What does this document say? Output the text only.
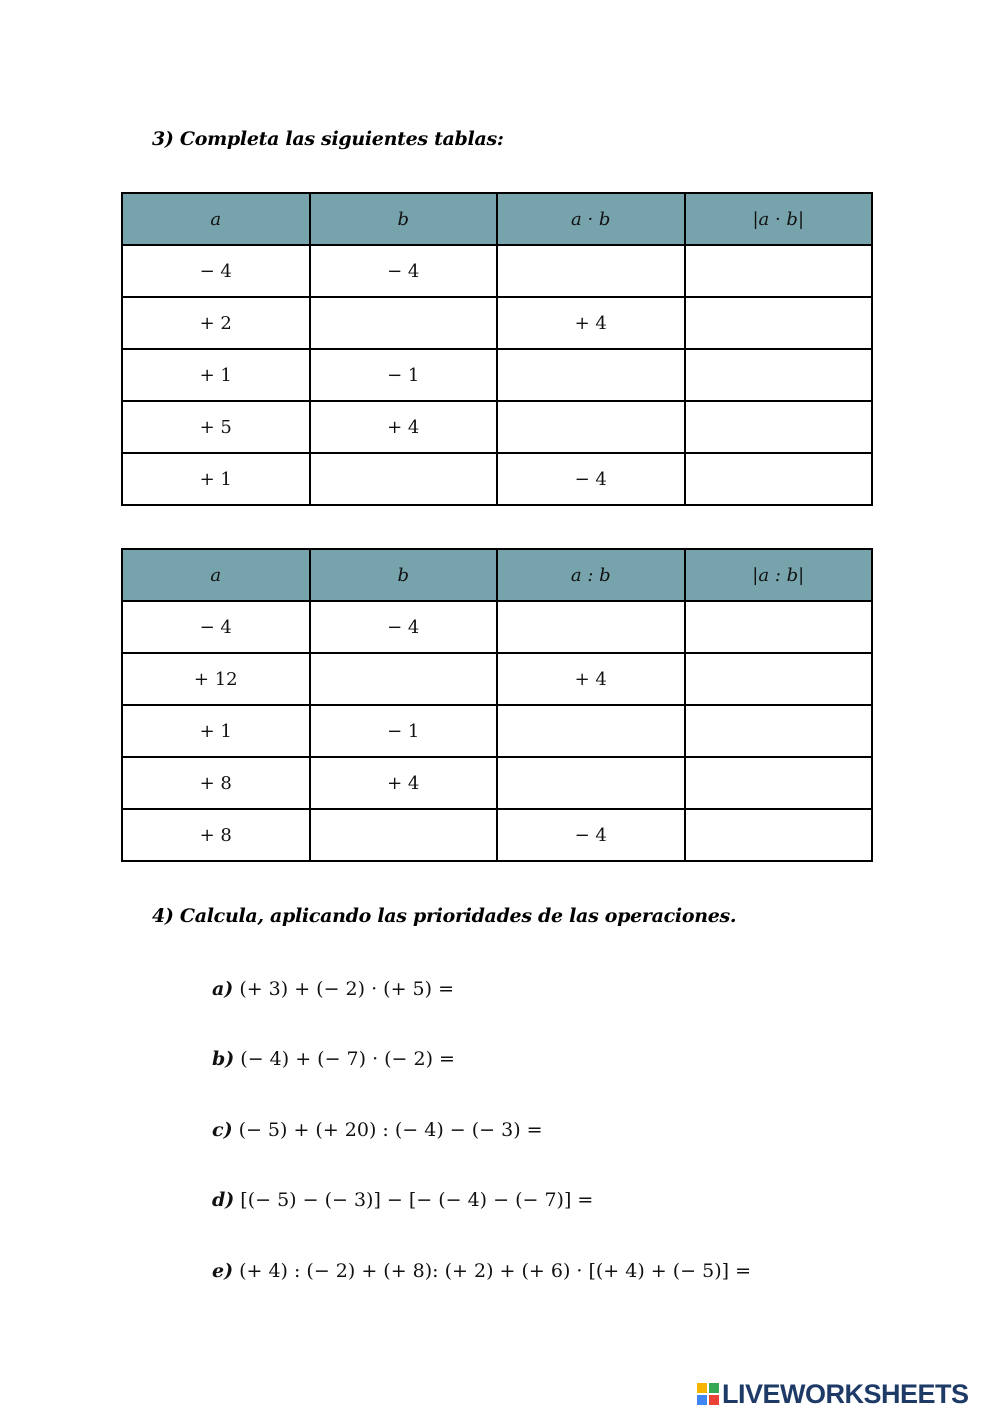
3) Completa las siguientes tablas:
a	b	a · b	|a · b|
− 4	− 4		
+ 2		+ 4	
+ 1	− 1		
+ 5	+ 4		
+ 1		− 4	
a	b	a : b	|a : b|
− 4	− 4		
+ 12		+ 4	
+ 1	− 1		
+ 8	+ 4		
+ 8		− 4	
4) Calcula, aplicando las prioridades de las operaciones.
a) (+ 3) + (− 2) · (+ 5) =
b) (− 4) + (− 7) · (− 2) =
c) (− 5) + (+ 20) : (− 4) − (− 3) =
d) [(− 5) − (− 3)] − [− (− 4) − (− 7)] =
e) (+ 4) : (− 2) + (+ 8): (+ 2) + (+ 6) · [(+ 4) + (− 5)] =
LIVEWORKSHEETS
